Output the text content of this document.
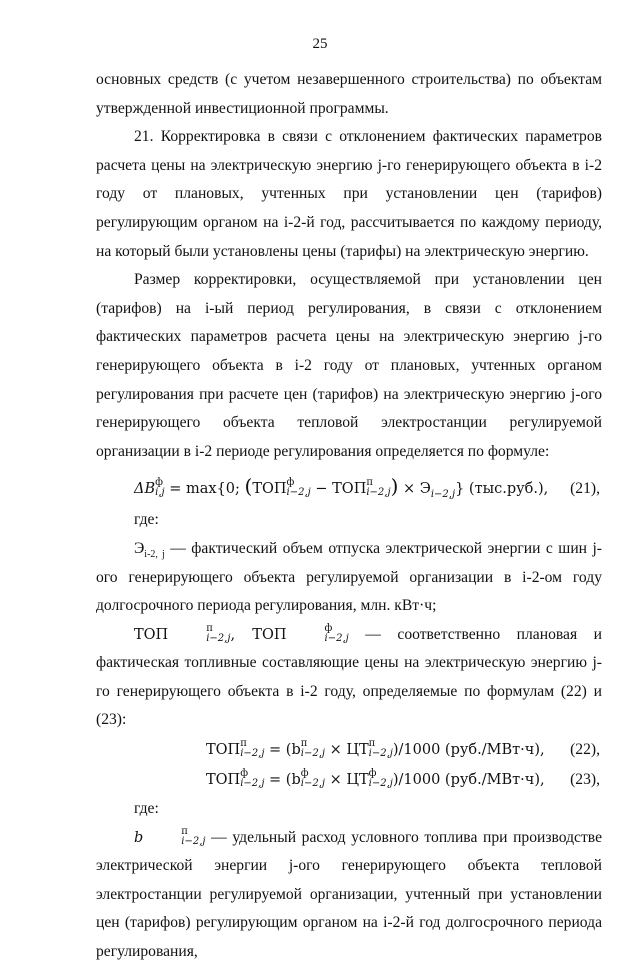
25

основных средств (с учетом незавершенного строительства) по объектам утвержденной инвестиционной программы.

21. Корректировка в связи с отклонением фактических параметров расчета цены на электрическую энергию j-го генерирующего объекта в i-2 году от плановых, учтенных при установлении цен (тарифов) регулирующим органом на i-2-й год, рассчитывается по каждому периоду, на который были установлены цены (тарифы) на электрическую энергию.

Размер корректировки, осуществляемой при установлении цен (тарифов) на i-ый период регулирования, в связи с отклонением фактических параметров расчета цены на электрическую энергию j-го генерирующего объекта в i-2 году от плановых, учтенных органом регулирования при расчете цен (тарифов) на электрическую энергию j-ого генерирующего объекта тепловой электростанции регулируемой организации в i-2 периоде регулирования определяется по формуле:

ΔB ф
i,j = max{0; (ТОП ф
i−2,j − ТОП п
i−2,j ) × $Э_{i-2,j}$} (тыс.руб.), (21),

где:

$Э_{i-2, j}$ — фактический объем отпуска электрической энергии с шин j-ого генерирующего объекта регулируемой организации в i-2-ом году долгосрочного периода регулирования, млн. кВт·ч;

ТОП	п
i−2,j , ТОП	ф
i−2,j — соответственно плановая и фактическая топливные составляющие цены на электрическую энергию j-го генерирующего объекта в i-2 году, определяемые по формулам (22) и (23):

ТОП п
i−2,j = (b п
i−2,j × ЦТ п
i−2,j )/1000 (руб./МВт·ч), (22),
ТОП ф
i−2,j = (b ф
i−2,j × ЦТ ф
i−2,j )/1000 (руб./МВт·ч), (23),

где:

b	п
i−2,j — удельный расход условного топлива при производстве электрической энергии j-ого генерирующего объекта тепловой электростанции регулируемой организации, учтенный при установлении цен (тарифов) регулирующим органом на i-2-й год долгосрочного периода регулирования,
